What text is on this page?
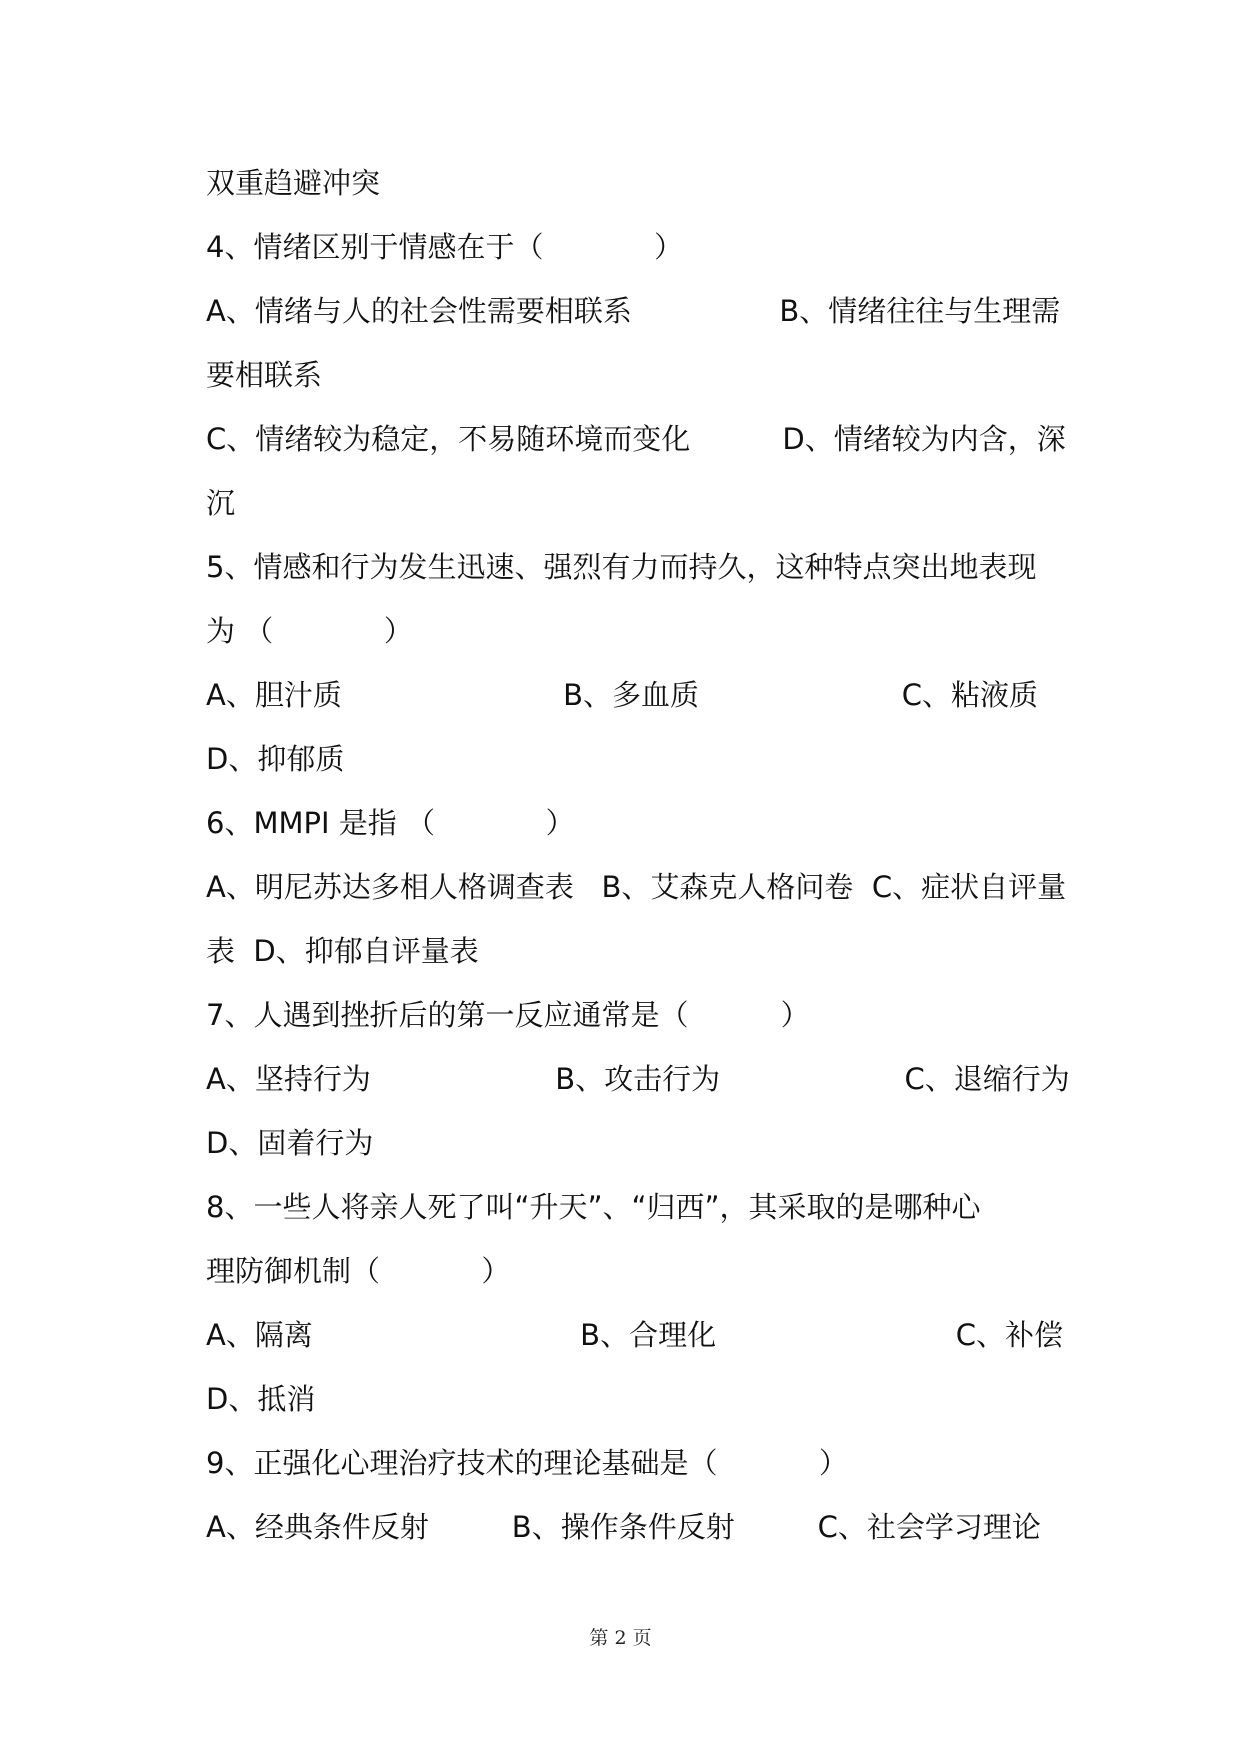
双重趋避冲突
4、情绪区别于情感在于（            ）
A、情绪与人的社会性需要相联系                B、情绪往往与生理需
要相联系
C、情绪较为稳定，不易随环境而变化          D、情绪较为内含，深
沉
5、情感和行为发生迅速、强烈有力而持久，这种特点突出地表现
为 （            ）
A、胆汁质                        B、多血质                      C、粘液质
D、抑郁质
6、MMPI 是指 （            ）
A、明尼苏达多相人格调查表   B、艾森克人格问卷  C、症状自评量
表  D、抑郁自评量表
7、人遇到挫折后的第一反应通常是（          ）
A、坚持行为                    B、攻击行为                    C、退缩行为
D、固着行为
8、一些人将亲人死了叫“升天”、“归西”，其采取的是哪种心
理防御机制（           ）
A、隔离                             B、合理化                          C、补偿
D、抵消
9、正强化心理治疗技术的理论基础是（           ）
A、经典条件反射         B、操作条件反射         C、社会学习理论
第 2 页
